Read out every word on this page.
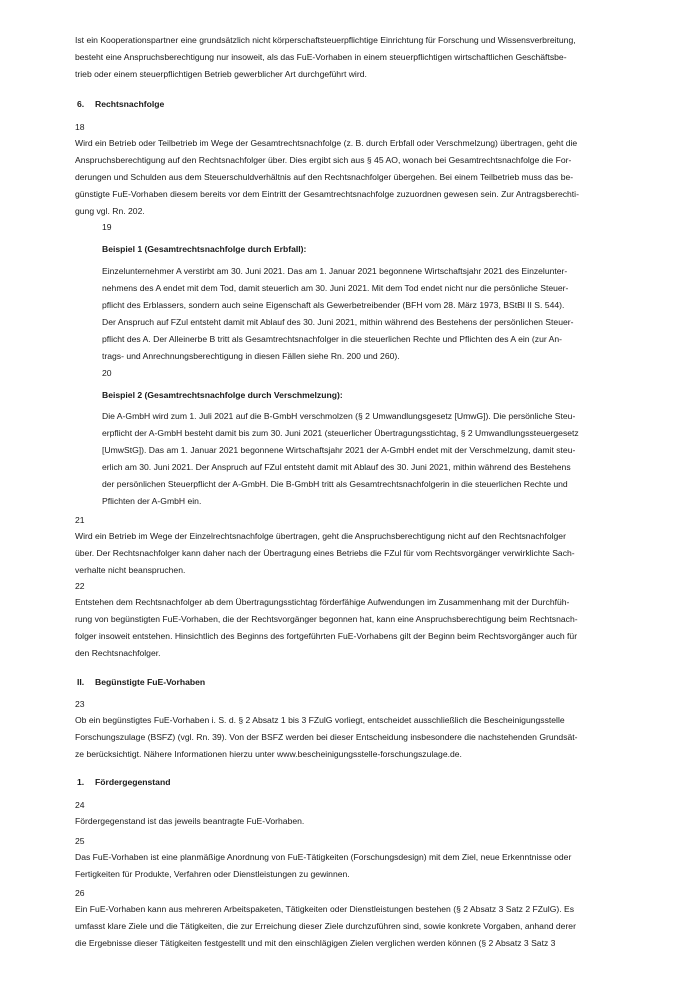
Ist ein Kooperationspartner eine grundsätzlich nicht körperschaftsteuerpflichtige Einrichtung für Forschung und Wissensverbreitung,
besteht eine Anspruchsberechtigung nur insoweit, als das FuE-Vorhaben in einem steuerpflichtigen wirtschaftlichen Geschäftsbe-
trieb oder einem steuerpflichtigen Betrieb gewerblicher Art durchgeführt wird.
6. Rechtsnachfolge
18
Wird ein Betrieb oder Teilbetrieb im Wege der Gesamtrechtsnachfolge (z. B. durch Erbfall oder Verschmelzung) übertragen, geht die
Anspruchsberechtigung auf den Rechtsnachfolger über. Dies ergibt sich aus § 45 AO, wonach bei Gesamtrechtsnachfolge die For-
derungen und Schulden aus dem Steuerschuldverhältnis auf den Rechtsnachfolger übergehen. Bei einem Teilbetrieb muss das be-
günstigte FuE-Vorhaben diesem bereits vor dem Eintritt der Gesamtrechtsnachfolge zuzuordnen gewesen sein. Zur Antragsberechti-
gung vgl. Rn. 202.
19
Beispiel 1 (Gesamtrechtsnachfolge durch Erbfall):
Einzelunternehmer A verstirbt am 30. Juni 2021. Das am 1. Januar 2021 begonnene Wirtschaftsjahr 2021 des Einzelunter-
nehmens des A endet mit dem Tod, damit steuerlich am 30. Juni 2021. Mit dem Tod endet nicht nur die persönliche Steuer-
pflicht des Erblassers, sondern auch seine Eigenschaft als Gewerbetreibender (BFH vom 28. März 1973, BStBl II S. 544).
Der Anspruch auf FZul entsteht damit mit Ablauf des 30. Juni 2021, mithin während des Bestehens der persönlichen Steuer-
pflicht des A. Der Alleinerbe B tritt als Gesamtrechtsnachfolger in die steuerlichen Rechte und Pflichten des A ein (zur An-
trags- und Anrechnungsberechtigung in diesen Fällen siehe Rn. 200 und 260).
20
Beispiel 2 (Gesamtrechtsnachfolge durch Verschmelzung):
Die A-GmbH wird zum 1. Juli 2021 auf die B-GmbH verschmolzen (§ 2 Umwandlungsgesetz [UmwG]). Die persönliche Steu-
erpflicht der A-GmbH besteht damit bis zum 30. Juni 2021 (steuerlicher Übertragungsstichtag, § 2 Umwandlungssteuergesetz
[UmwStG]). Das am 1. Januar 2021 begonnene Wirtschaftsjahr 2021 der A-GmbH endet mit der Verschmelzung, damit steu-
erlich am 30. Juni 2021. Der Anspruch auf FZul entsteht damit mit Ablauf des 30. Juni 2021, mithin während des Bestehens
der persönlichen Steuerpflicht der A-GmbH. Die B-GmbH tritt als Gesamtrechtsnachfolgerin in die steuerlichen Rechte und
Pflichten der A-GmbH ein.
21
Wird ein Betrieb im Wege der Einzelrechtsnachfolge übertragen, geht die Anspruchsberechtigung nicht auf den Rechtsnachfolger
über. Der Rechtsnachfolger kann daher nach der Übertragung eines Betriebs die FZul für vom Rechtsvorgänger verwirklichte Sach-
verhalte nicht beanspruchen.
22
Entstehen dem Rechtsnachfolger ab dem Übertragungsstichtag förderfähige Aufwendungen im Zusammenhang mit der Durchfüh-
rung von begünstigten FuE-Vorhaben, die der Rechtsvorgänger begonnen hat, kann eine Anspruchsberechtigung beim Rechtsnach-
folger insoweit entstehen. Hinsichtlich des Beginns des fortgeführten FuE-Vorhabens gilt der Beginn beim Rechtsvorgänger auch für
den Rechtsnachfolger.
II. Begünstigte FuE-Vorhaben
23
Ob ein begünstigtes FuE-Vorhaben i. S. d. § 2 Absatz 1 bis 3 FZulG vorliegt, entscheidet ausschließlich die Bescheinigungsstelle
Forschungszulage (BSFZ) (vgl. Rn. 39). Von der BSFZ werden bei dieser Entscheidung insbesondere die nachstehenden Grundsät-
ze berücksichtigt. Nähere Informationen hierzu unter www.bescheinigungsstelle-forschungszulage.de.
1. Fördergegenstand
24
Fördergegenstand ist das jeweils beantragte FuE-Vorhaben.
25
Das FuE-Vorhaben ist eine planmäßige Anordnung von FuE-Tätigkeiten (Forschungsdesign) mit dem Ziel, neue Erkenntnisse oder
Fertigkeiten für Produkte, Verfahren oder Dienstleistungen zu gewinnen.
26
Ein FuE-Vorhaben kann aus mehreren Arbeitspaketen, Tätigkeiten oder Dienstleistungen bestehen (§ 2 Absatz 3 Satz 2 FZulG). Es
umfasst klare Ziele und die Tätigkeiten, die zur Erreichung dieser Ziele durchzuführen sind, sowie konkrete Vorgaben, anhand derer
die Ergebnisse dieser Tätigkeiten festgestellt und mit den einschlägigen Zielen verglichen werden können (§ 2 Absatz 3 Satz 3
